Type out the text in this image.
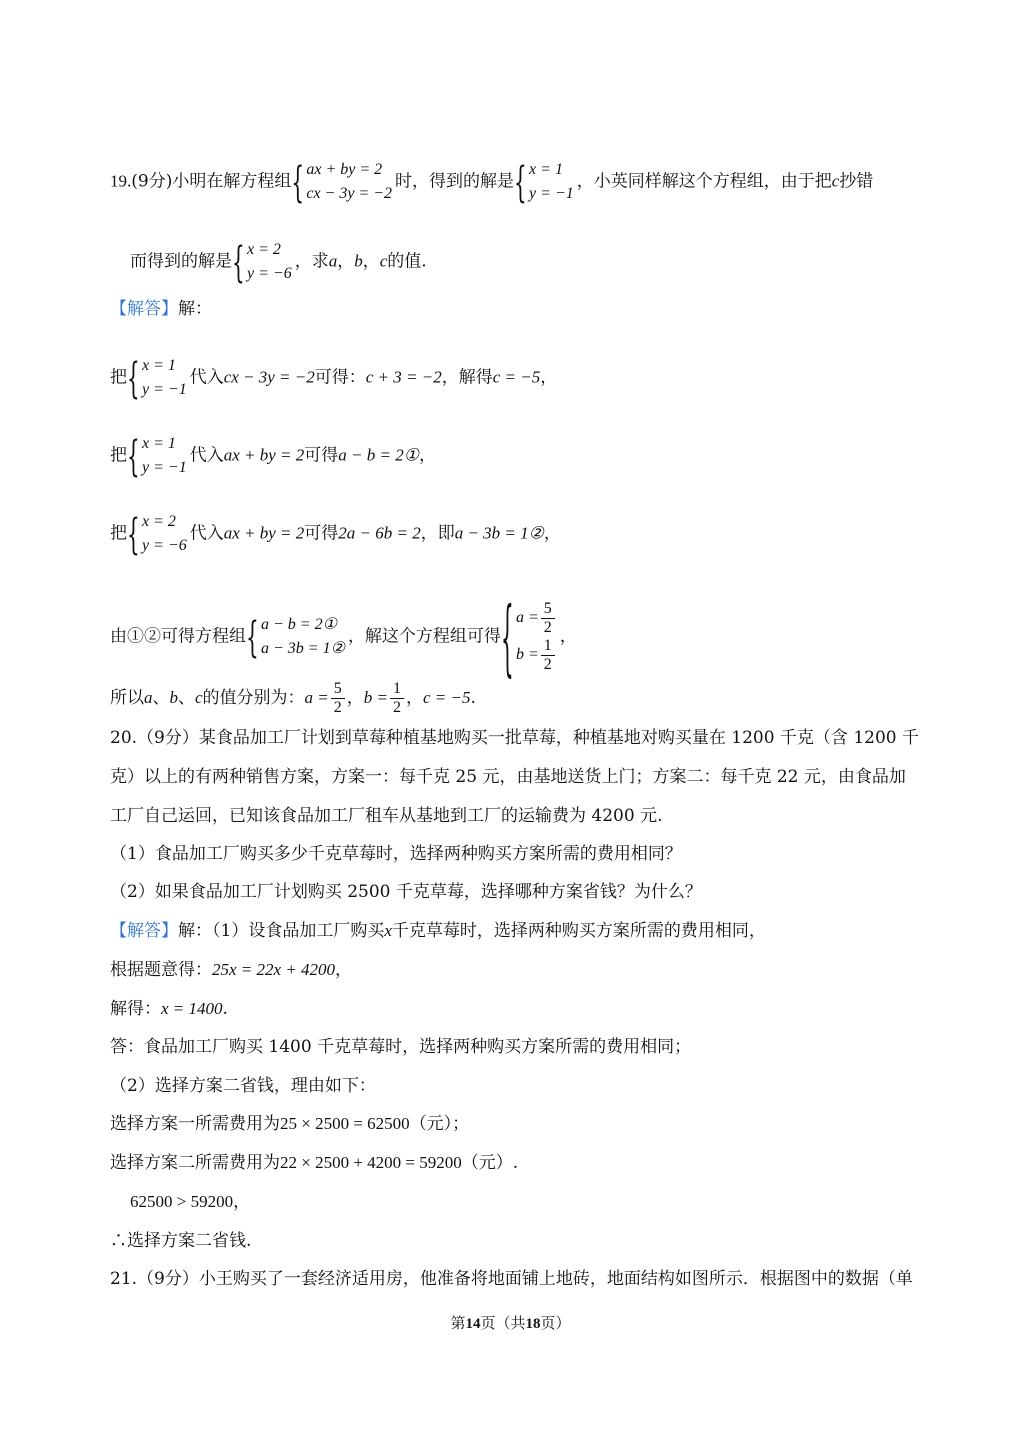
19.(9分)小明在解方程组
{ ax + by = 2
cx − 3y = −2
时，得到的解是
{ x = 1
y = −1
，小英同样解这个方程组，由于把c抄错
而得到的解是
{ x = 2
y = −6
，求a，b，c的值.
【解答】解：
把
{ x = 1
y = −1
代入cx − 3y = −2可得：c + 3 = −2，解得c = −5，
把
{ x = 1
y = −1
代入ax + by = 2可得a − b = 2①，
把
{ x = 2
y = −6
代入ax + by = 2可得2a − 6b = 2，即a − 3b = 1②，
由①②可得方程组
{ a − b = 2①
a − 3b = 1②
，解这个方程组可得
{ $a = \frac{5}{2}$
$b = \frac{1}{2}$
，
所以a、b、c的值分别为：$a = \frac{5}{2}$ ，$b = \frac{1}{2}$ ，c = −5.
20.（9分）某食品加工厂计划到草莓种植基地购买一批草莓，种植基地对购买量在 1200 千克（含 1200 千
克）以上的有两种销售方案，方案一：每千克 25 元，由基地送货上门；方案二：每千克 22 元，由食品加
工厂自己运回，已知该食品加工厂租车从基地到工厂的运输费为 4200 元.
（1）食品加工厂购买多少千克草莓时，选择两种购买方案所需的费用相同？
（2）如果食品加工厂计划购买 2500 千克草莓，选择哪种方案省钱？为什么？
【解答】解：（1）设食品加工厂购买x千克草莓时，选择两种购买方案所需的费用相同，
根据题意得：25x = 22x + 4200，
解得：x = 1400.
答：食品加工厂购买 1400 千克草莓时，选择两种购买方案所需的费用相同；
（2）选择方案二省钱，理由如下：
选择方案一所需费用为25 × 2500 = 62500（元）；
选择方案二所需费用为22 × 2500 + 4200 = 59200（元）.
62500 > 59200，
∴选择方案二省钱.
21.（9分）小王购买了一套经济适用房，他准备将地面铺上地砖，地面结构如图所示．根据图中的数据（单
第14页（共18页）
